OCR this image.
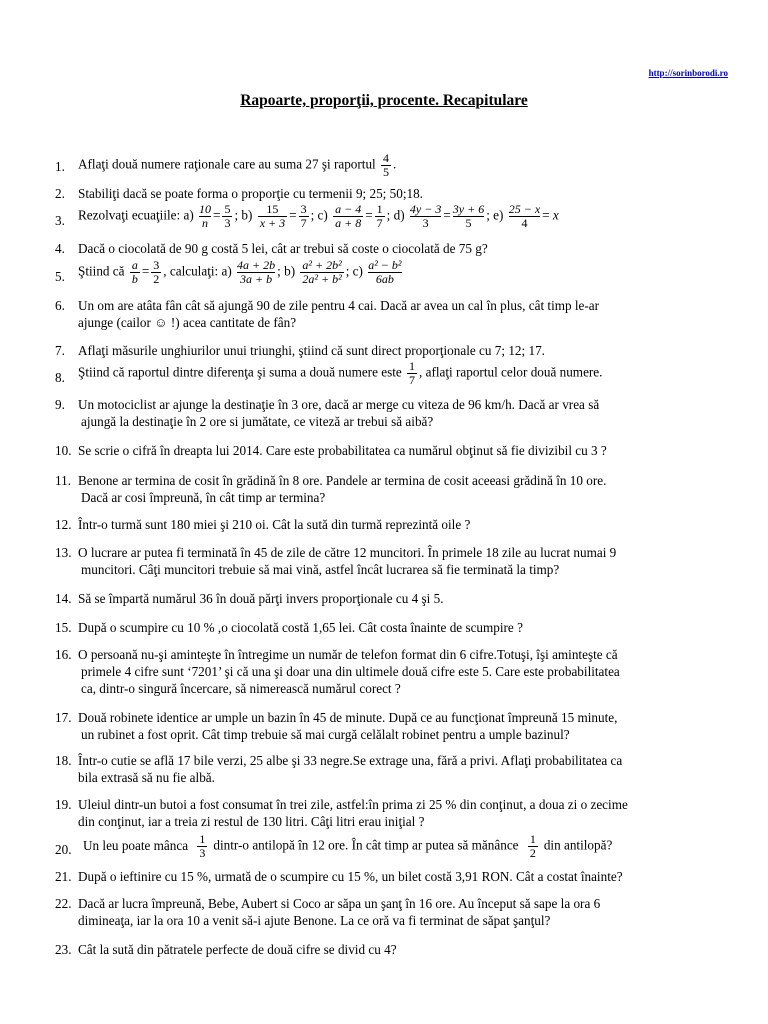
http://sorinborodi.ro
Rapoarte, proporţii, procente. Recapitulare
1. Aflaţi două numere raţionale care au suma 27 şi raportul $\frac{4}{5}$ .
2. Stabiliţi dacă se poate forma o proporţie cu termenii 9; 25; 50;18.
3. Rezolvaţi ecuaţiile: $a) \frac{10}{n} = \frac{5}{3}$ ; $b) \frac{15}{x + 3} = \frac{3}{7}$ ; $c) \frac{a - 4}{a + 8} = \frac{1}{7}$ ; $d) \frac{4y - 3}{3} = \frac{3y + 6}{5}$ ; $e) \frac{25 - x}{4} = x$
4. Dacă o ciocolată de 90 g costă 5 lei, cât ar trebui să coste o ciocolată de 75 g?
5. Ştiind că $\frac{a}{b} = \frac{3}{2}$ , calculaţi: $a) \frac{4a + 2b}{3a + b}$ ; $b) \frac{\text{a² + 2b²}}{\text{2a² + b²}}$ ; $c) \frac{\text{a² − b²}}{6ab}$
6. Un om are atâta fân cât să ajungă 90 de zile pentru 4 cai. Dacă ar avea un cal în plus, cât timp le-ar
ajunge (cailor ☺ !) acea cantitate de fân?
7. Aflaţi măsurile unghiurilor unui triunghi, ştiind că sunt direct proporţionale cu 7; 12; 17.
8. Ştiind că raportul dintre diferenţa şi suma a două numere este $\frac{1}{7}$ , aflaţi raportul celor două numere.
9. Un motociclist ar ajunge la destinaţie în 3 ore, dacă ar merge cu viteza de 96 km/h. Dacă ar vrea să
ajungă la destinaţie în 2 ore si jumătate, ce viteză ar trebui să aibă?
10. Se scrie o cifră în dreapta lui 2014. Care este probabilitatea ca numărul obţinut să fie divizibil cu 3 ?
11. Benone ar termina de cosit în grădină în 8 ore. Pandele ar termina de cosit aceeasi grădină în 10 ore.
Dacă ar cosi împreună, în cât timp ar termina?
12. Într-o turmă sunt 180 miei şi 210 oi. Cât la sută din turmă reprezintă oile ?
13. O lucrare ar putea fi terminată în 45 de zile de către 12 muncitori. În primele 18 zile au lucrat numai 9
muncitori. Câţi muncitori trebuie să mai vină, astfel încât lucrarea să fie terminată la timp?
14. Să se împartă numărul 36 în două părţi invers proporţionale cu 4 şi 5.
15. După o scumpire cu 10 % ,o ciocolată costă 1,65 lei. Cât costa înainte de scumpire ?
16. O persoană nu-şi aminteşte în întregime un număr de telefon format din 6 cifre.Totuşi, îşi aminteşte că
primele 4 cifre sunt ‘7201’ şi că una şi doar una din ultimele două cifre este 5. Care este probabilitatea
ca, dintr-o singură încercare, să nimerească numărul corect ?
17. Două robinete identice ar umple un bazin în 45 de minute. După ce au funcţionat împreună 15 minute,
un rubinet a fost oprit. Cât timp trebuie să mai curgă celălalt robinet pentru a umple bazinul?
18. Într-o cutie se află 17 bile verzi, 25 albe şi 33 negre.Se extrage una, fără a privi. Aflaţi probabilitatea ca
bila extrasă să nu fie albă.
19. Uleiul dintr-un butoi a fost consumat în trei zile, astfel:în prima zi 25 % din conţinut, a doua zi o zecime
din conţinut, iar a treia zi restul de 130 litri. Câţi litri erau iniţial ?
20. Un leu poate mânca $\frac{1}{3}$ dintr-o antilopă în 12 ore. În cât timp ar putea să mănânce $\frac{1}{2}$ din antilopă?
21. După o ieftinire cu 15 %, urmată de o scumpire cu 15 %, un bilet costă 3,91 RON. Cât a costat înainte?
22. Dacă ar lucra împreună, Bebe, Aubert si Coco ar săpa un şanţ în 16 ore. Au început să sape la ora 6
dimineaţa, iar la ora 10 a venit să-i ajute Benone. La ce oră va fi terminat de săpat şanţul?
23. Cât la sută din pătratele perfecte de două cifre se divid cu 4?
